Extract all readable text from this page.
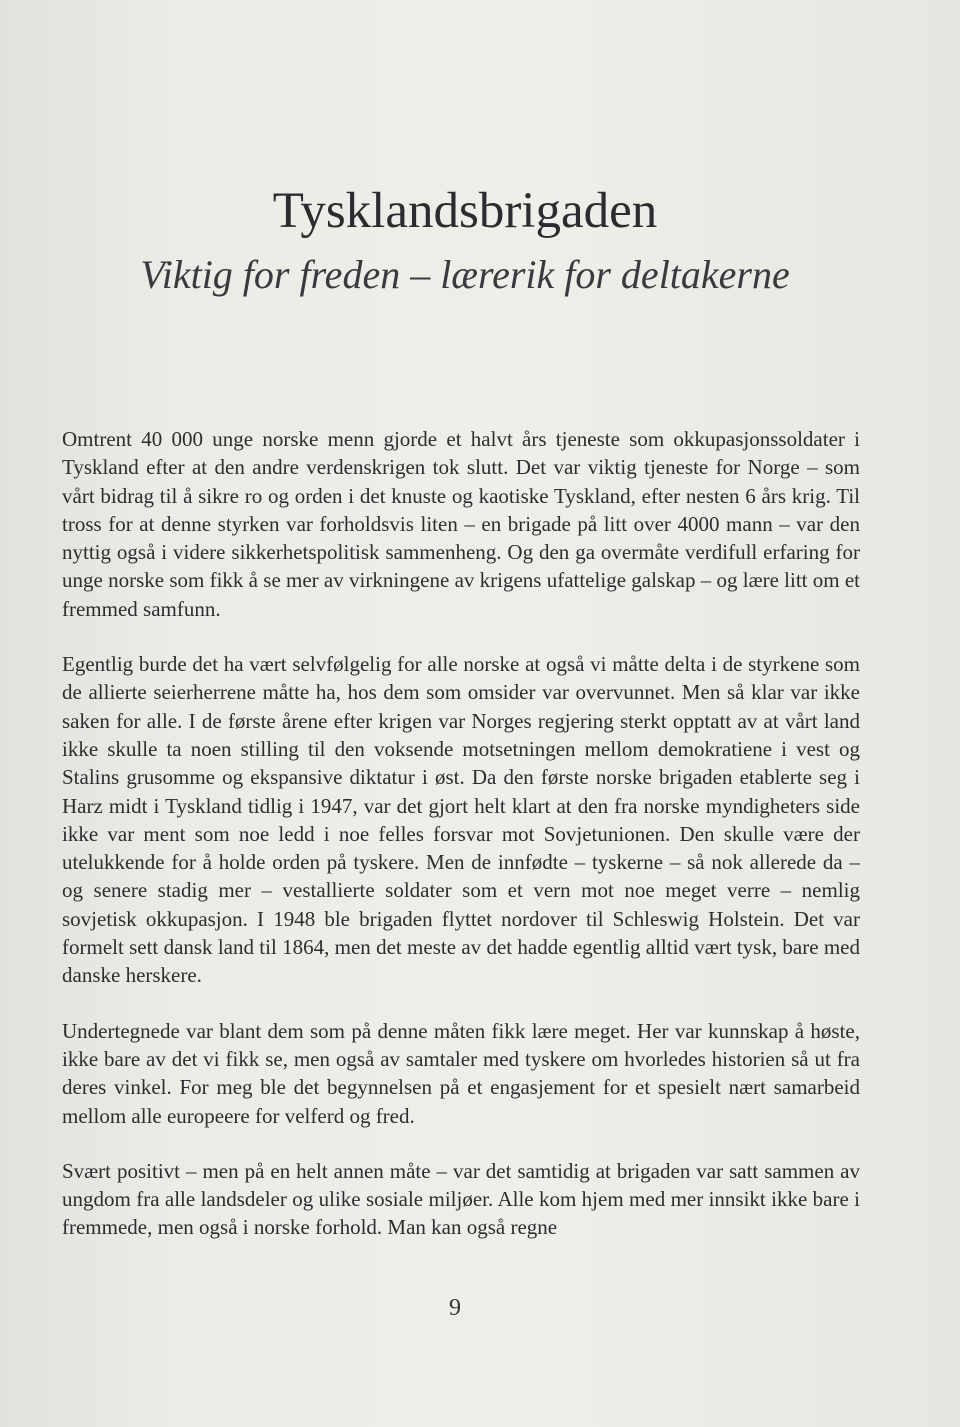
Tysklandsbrigaden
Viktig for freden – lærerik for deltakerne

Omtrent 40 000 unge norske menn gjorde et halvt års tjeneste som okkupasjonssoldater i Tyskland efter at den andre verdenskrigen tok slutt. Det var viktig tjeneste for Norge – som vårt bidrag til å sikre ro og orden i det knuste og kaotiske Tyskland, efter nesten 6 års krig. Til tross for at denne styrken var forholdsvis liten – en brigade på litt over 4000 mann – var den nyttig også i videre sikkerhetspolitisk sammenheng. Og den ga overmåte verdifull erfaring for unge norske som fikk å se mer av virkningene av krigens ufattelige galskap – og lære litt om et fremmed samfunn.

Egentlig burde det ha vært selvfølgelig for alle norske at også vi måtte delta i de styrkene som de allierte seierherrene måtte ha, hos dem som omsider var overvunnet. Men så klar var ikke saken for alle. I de første årene efter krigen var Norges regjering sterkt opptatt av at vårt land ikke skulle ta noen stilling til den voksende motsetningen mellom demokratiene i vest og Stalins grusomme og ekspansive diktatur i øst. Da den første norske brigaden etablerte seg i Harz midt i Tyskland tidlig i 1947, var det gjort helt klart at den fra norske myndigheters side ikke var ment som noe ledd i noe felles forsvar mot Sovjetunionen. Den skulle være der utelukkende for å holde orden på tyskere. Men de innfødte – tyskerne – så nok allerede da – og senere stadig mer – vestallierte soldater som et vern mot noe meget verre – nemlig sovjetisk okkupasjon. I 1948 ble brigaden flyttet nordover til Schleswig Holstein. Det var formelt sett dansk land til 1864, men det meste av det hadde egentlig alltid vært tysk, bare med danske herskere.

Undertegnede var blant dem som på denne måten fikk lære meget. Her var kunnskap å høste, ikke bare av det vi fikk se, men også av samtaler med tyskere om hvorledes historien så ut fra deres vinkel. For meg ble det begynnelsen på et engasjement for et spesielt nært samarbeid mellom alle europeere for velferd og fred.

Svært positivt – men på en helt annen måte – var det samtidig at brigaden var satt sammen av ungdom fra alle landsdeler og ulike sosiale miljøer. Alle kom hjem med mer innsikt ikke bare i fremmede, men også i norske forhold. Man kan også regne

9
